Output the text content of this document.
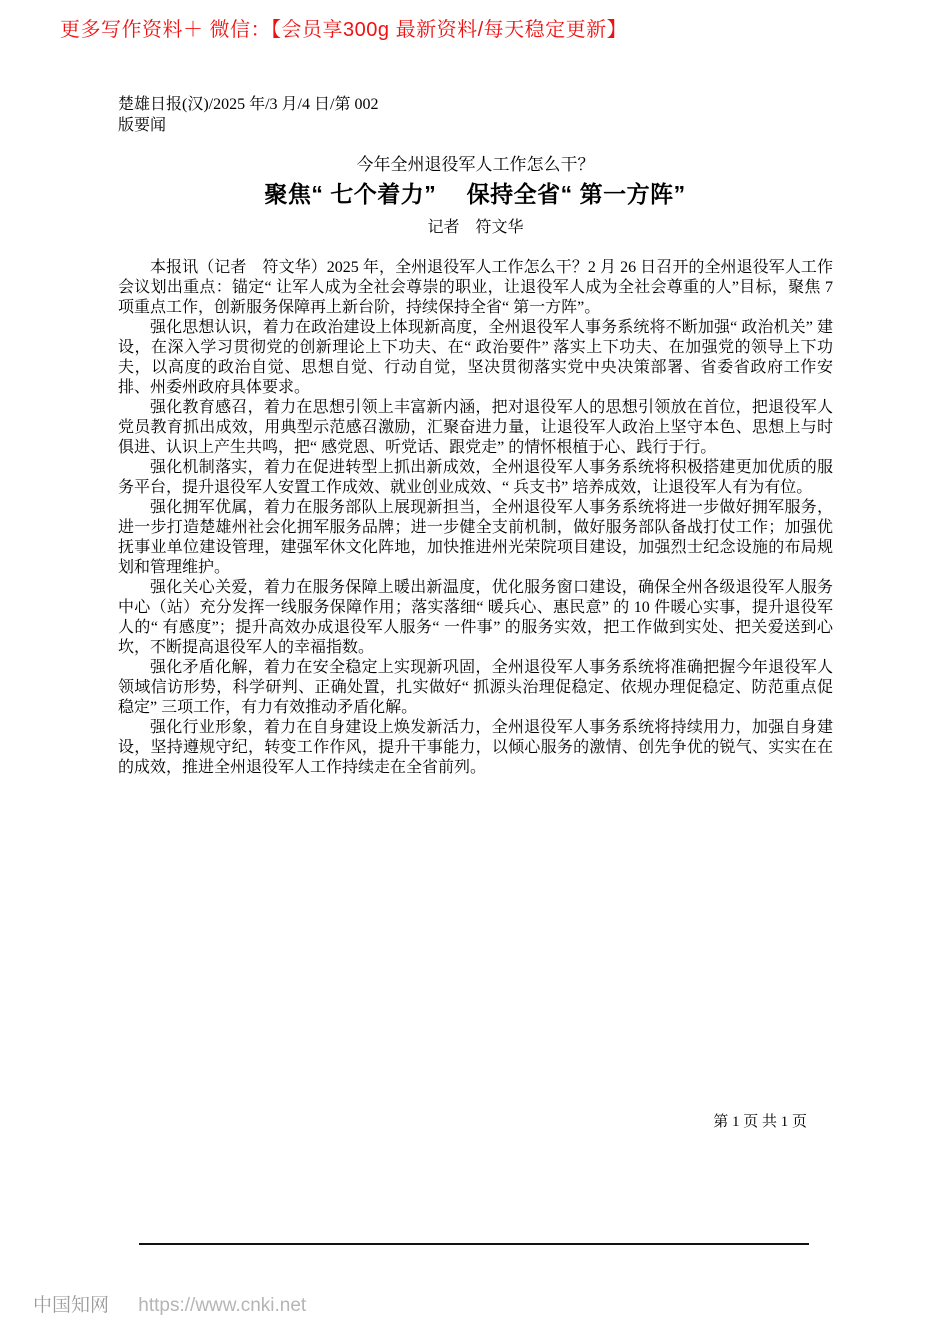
更多写作资料＋ 微信：【会员享300g 最新资料/每天稳定更新】
楚雄日报(汉)/2025 年/3 月/4 日/第 002
版要闻
今年全州退役军人工作怎么干？
聚焦“ 七个着力”　 保持全省“ 第一方阵”
记者　符文华

本报讯（记者　符文华）2025 年，全州退役军人工作怎么干？2 月 26 日召开的全州退役军人工作会议划出重点：锚定“ 让军人成为全社会尊崇的职业，让退役军人成为全社会尊重的人”目标，聚焦 7 项重点工作，创新服务保障再上新台阶，持续保持全省“ 第一方阵”。

强化思想认识，着力在政治建设上体现新高度，全州退役军人事务系统将不断加强“ 政治机关” 建设，在深入学习贯彻党的创新理论上下功夫、在“ 政治要件” 落实上下功夫、在加强党的领导上下功夫，以高度的政治自觉、思想自觉、行动自觉，坚决贯彻落实党中央决策部署、省委省政府工作安排、州委州政府具体要求。

强化教育感召，着力在思想引领上丰富新内涵，把对退役军人的思想引领放在首位，把退役军人党员教育抓出成效，用典型示范感召激励，汇聚奋进力量，让退役军人政治上坚守本色、思想上与时俱进、认识上产生共鸣，把“ 感党恩、听党话、跟党走” 的情怀根植于心、践行于行。

强化机制落实，着力在促进转型上抓出新成效，全州退役军人事务系统将积极搭建更加优质的服务平台，提升退役军人安置工作成效、就业创业成效、“ 兵支书” 培养成效，让退役军人有为有位。

强化拥军优属，着力在服务部队上展现新担当，全州退役军人事务系统将进一步做好拥军服务，进一步打造楚雄州社会化拥军服务品牌；进一步健全支前机制，做好服务部队备战打仗工作；加强优抚事业单位建设管理，建强军休文化阵地，加快推进州光荣院项目建设，加强烈士纪念设施的布局规划和管理维护。

强化关心关爱，着力在服务保障上暖出新温度，优化服务窗口建设，确保全州各级退役军人服务中心（站）充分发挥一线服务保障作用；落实落细“ 暖兵心、惠民意” 的 10 件暖心实事，提升退役军人的“ 有感度”；提升高效办成退役军人服务“ 一件事” 的服务实效，把工作做到实处、把关爱送到心坎，不断提高退役军人的幸福指数。

强化矛盾化解，着力在安全稳定上实现新巩固，全州退役军人事务系统将准确把握今年退役军人领域信访形势，科学研判、正确处置，扎实做好“ 抓源头治理促稳定、依规办理促稳定、防范重点促稳定” 三项工作，有力有效推动矛盾化解。

强化行业形象，着力在自身建设上焕发新活力，全州退役军人事务系统将持续用力，加强自身建设，坚持遵规守纪，转变工作作风，提升干事能力，以倾心服务的激情、创先争优的锐气、实实在在的成效，推进全州退役军人工作持续走在全省前列。

第 1 页 共 1 页
中国知网 https://www.cnki.net
